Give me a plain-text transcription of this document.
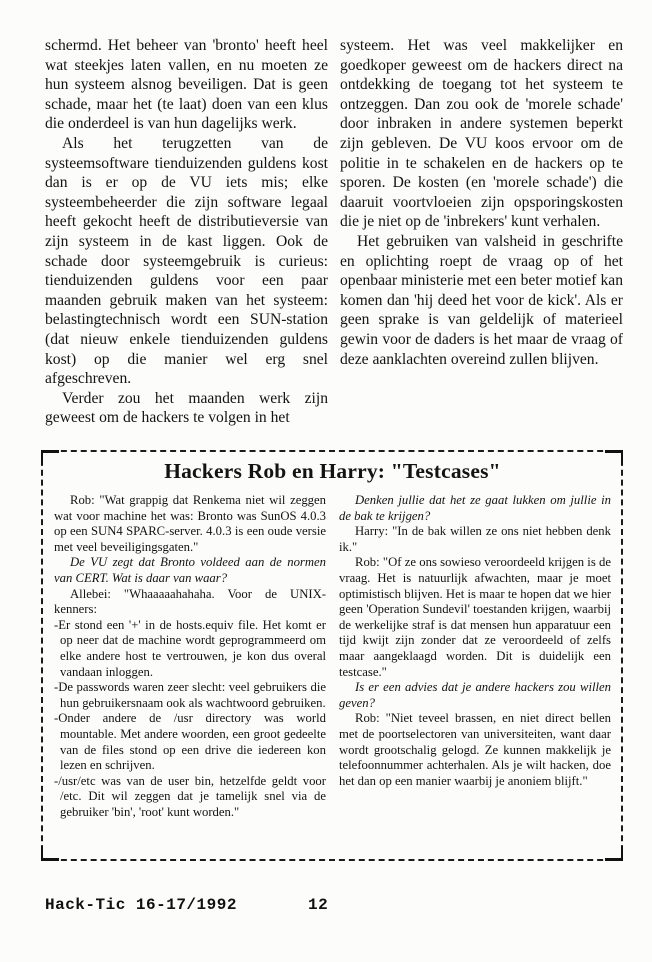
schermd. Het beheer van 'bronto' heeft heel wat steekjes laten vallen, en nu moeten ze hun systeem alsnog beveiligen. Dat is geen schade, maar het (te laat) doen van een klus die onderdeel is van hun dagelijks werk.

Als het terugzetten van de systeemsoftware tienduizenden guldens kost dan is er op de VU iets mis; elke systeembeheerder die zijn software legaal heeft gekocht heeft de distributieversie van zijn systeem in de kast liggen. Ook de schade door systeemgebruik is curieus: tienduizenden guldens voor een paar maanden gebruik maken van het systeem: belastingtechnisch wordt een SUN-station (dat nieuw enkele tienduizenden guldens kost) op die manier wel erg snel afgeschreven.

Verder zou het maanden werk zijn geweest om de hackers te volgen in het

systeem. Het was veel makkelijker en goedkoper geweest om de hackers direct na ontdekking de toegang tot het systeem te ontzeggen. Dan zou ook de 'morele schade' door inbraken in andere systemen beperkt zijn gebleven. De VU koos ervoor om de politie in te schakelen en de hackers op te sporen. De kosten (en 'morele schade') die daaruit voortvloeien zijn opsporingskosten die je niet op de 'inbrekers' kunt verhalen.

Het gebruiken van valsheid in geschrifte en oplichting roept de vraag op of het openbaar ministerie met een beter motief kan komen dan 'hij deed het voor de kick'. Als er geen sprake is van geldelijk of materieel gewin voor de daders is het maar de vraag of deze aanklachten overeind zullen blijven.

Hackers Rob en Harry: "Testcases"

Rob: "Wat grappig dat Renkema niet wil zeggen wat voor machine het was: Bronto was SunOS 4.0.3 op een SUN4 SPARC-server. 4.0.3 is een oude versie met veel beveiligingsgaten."

De VU zegt dat Bronto voldeed aan de normen van CERT. Wat is daar van waar?

Allebei: "Whaaaaahahaha. Voor de UNIX-kenners:

-Er stond een '+' in de hosts.equiv file. Het komt er op neer dat de machine wordt geprogrammeerd om elke andere host te vertrouwen, je kon dus overal vandaan inloggen.

-De passwords waren zeer slecht: veel gebruikers die hun gebruikersnaam ook als wachtwoord gebruiken.

-Onder andere de /usr directory was world mountable. Met andere woorden, een groot gedeelte van de files stond op een drive die iedereen kon lezen en schrijven.

-/usr/etc was van de user bin, hetzelfde geldt voor /etc. Dit wil zeggen dat je tamelijk snel via de gebruiker 'bin', 'root' kunt worden."

Denken jullie dat het ze gaat lukken om jullie in de bak te krijgen?

Harry: "In de bak willen ze ons niet hebben denk ik."

Rob: "Of ze ons sowieso veroordeeld krijgen is de vraag. Het is natuurlijk afwachten, maar je moet optimistisch blijven. Het is maar te hopen dat we hier geen 'Operation Sundevil' toestanden krijgen, waarbij de werkelijke straf is dat mensen hun apparatuur een tijd kwijt zijn zonder dat ze veroordeeld of zelfs maar aangeklaagd worden. Dit is duidelijk een testcase."

Is er een advies dat je andere hackers zou willen geven?

Rob: "Niet teveel brassen, en niet direct bellen met de poortselectoren van universiteiten, want daar wordt grootschalig gelogd. Ze kunnen makkelijk je telefoonnummer achterhalen. Als je wilt hacken, doe het dan op een manier waarbij je anoniem blijft."

Hack-Tic 16-17/1992	12
